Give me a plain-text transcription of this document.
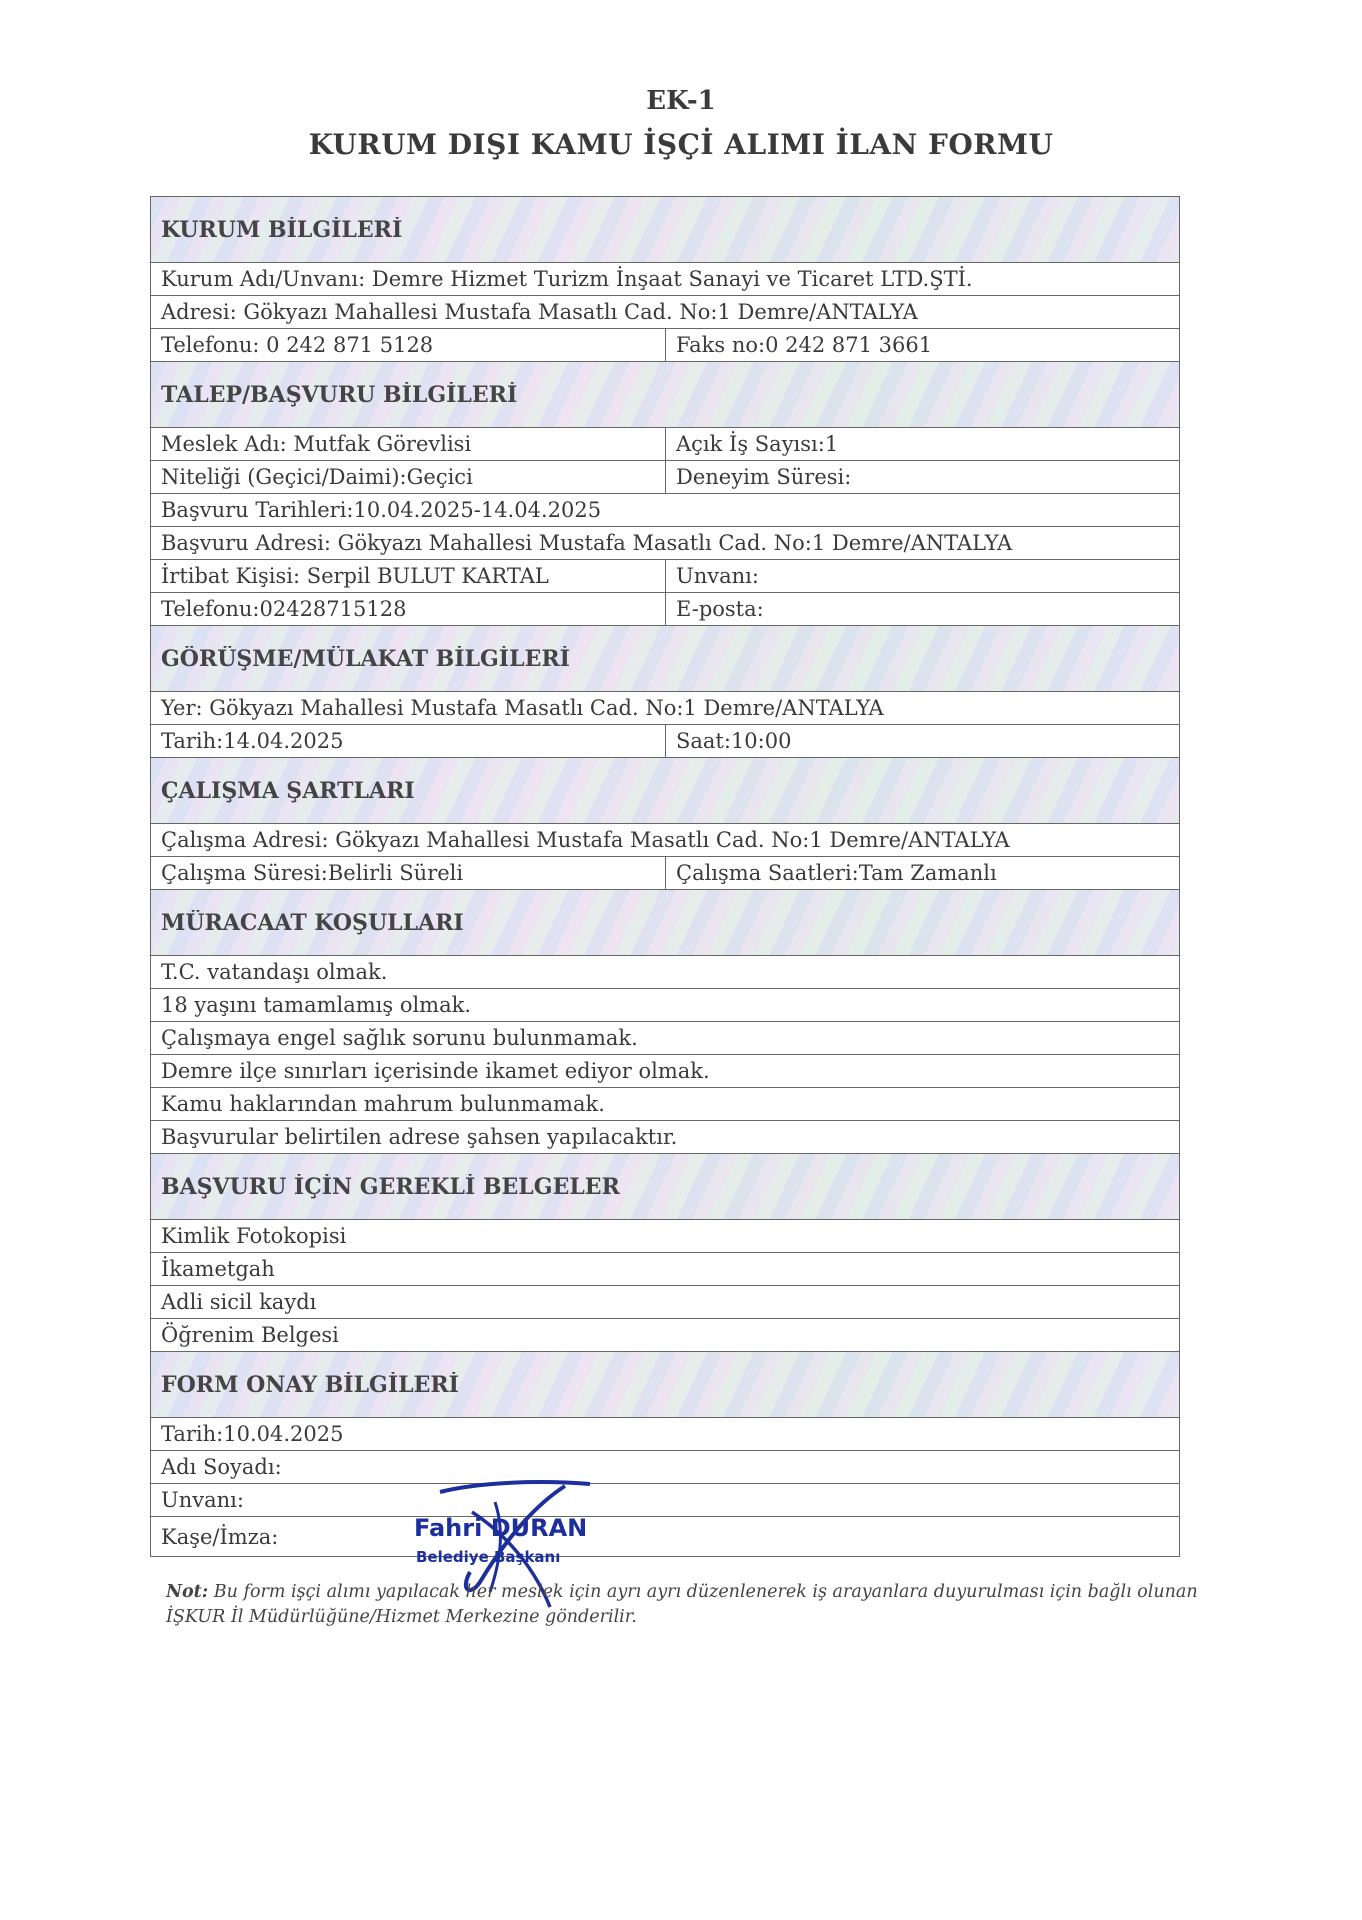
EK-1
KURUM DIŞI KAMU İŞÇİ ALIMI İLAN FORMU
KURUM BİLGİLERİ
Kurum Adı/Unvanı: Demre Hizmet Turizm İnşaat Sanayi ve Ticaret LTD.ŞTİ.
Adresi: Gökyazı Mahallesi Mustafa Masatlı Cad. No:1 Demre/ANTALYA
Telefonu: 0 242 871 5128	Faks no:0 242 871 3661
TALEP/BAŞVURU BİLGİLERİ
Meslek Adı: Mutfak Görevlisi	Açık İş Sayısı:1
Niteliği (Geçici/Daimi):Geçici	Deneyim Süresi:
Başvuru Tarihleri:10.04.2025-14.04.2025
Başvuru Adresi: Gökyazı Mahallesi Mustafa Masatlı Cad. No:1 Demre/ANTALYA
İrtibat Kişisi: Serpil BULUT KARTAL	Unvanı:
Telefonu:02428715128	E-posta:
GÖRÜŞME/MÜLAKAT BİLGİLERİ
Yer: Gökyazı Mahallesi Mustafa Masatlı Cad. No:1 Demre/ANTALYA
Tarih:14.04.2025	Saat:10:00
ÇALIŞMA ŞARTLARI
Çalışma Adresi: Gökyazı Mahallesi Mustafa Masatlı Cad. No:1 Demre/ANTALYA
Çalışma Süresi:Belirli Süreli	Çalışma Saatleri:Tam Zamanlı
MÜRACAAT KOŞULLARI
T.C. vatandaşı olmak.
18 yaşını tamamlamış olmak.
Çalışmaya engel sağlık sorunu bulunmamak.
Demre ilçe sınırları içerisinde ikamet ediyor olmak.
Kamu haklarından mahrum bulunmamak.
Başvurular belirtilen adrese şahsen yapılacaktır.
BAŞVURU İÇİN GEREKLİ BELGELER
Kimlik Fotokopisi
İkametgah
Adli sicil kaydı
Öğrenim Belgesi
FORM ONAY BİLGİLERİ
Tarih:10.04.2025
Adı Soyadı:
Unvanı:
Kaşe/İmza:	Fahri DURAN
Belediye Başkanı
Not: Bu form işçi alımı yapılacak her meslek için ayrı ayrı düzenlenerek iş arayanlara duyurulması için bağlı olunan İŞKUR İl Müdürlüğüne/Hizmet Merkezine gönderilir.
